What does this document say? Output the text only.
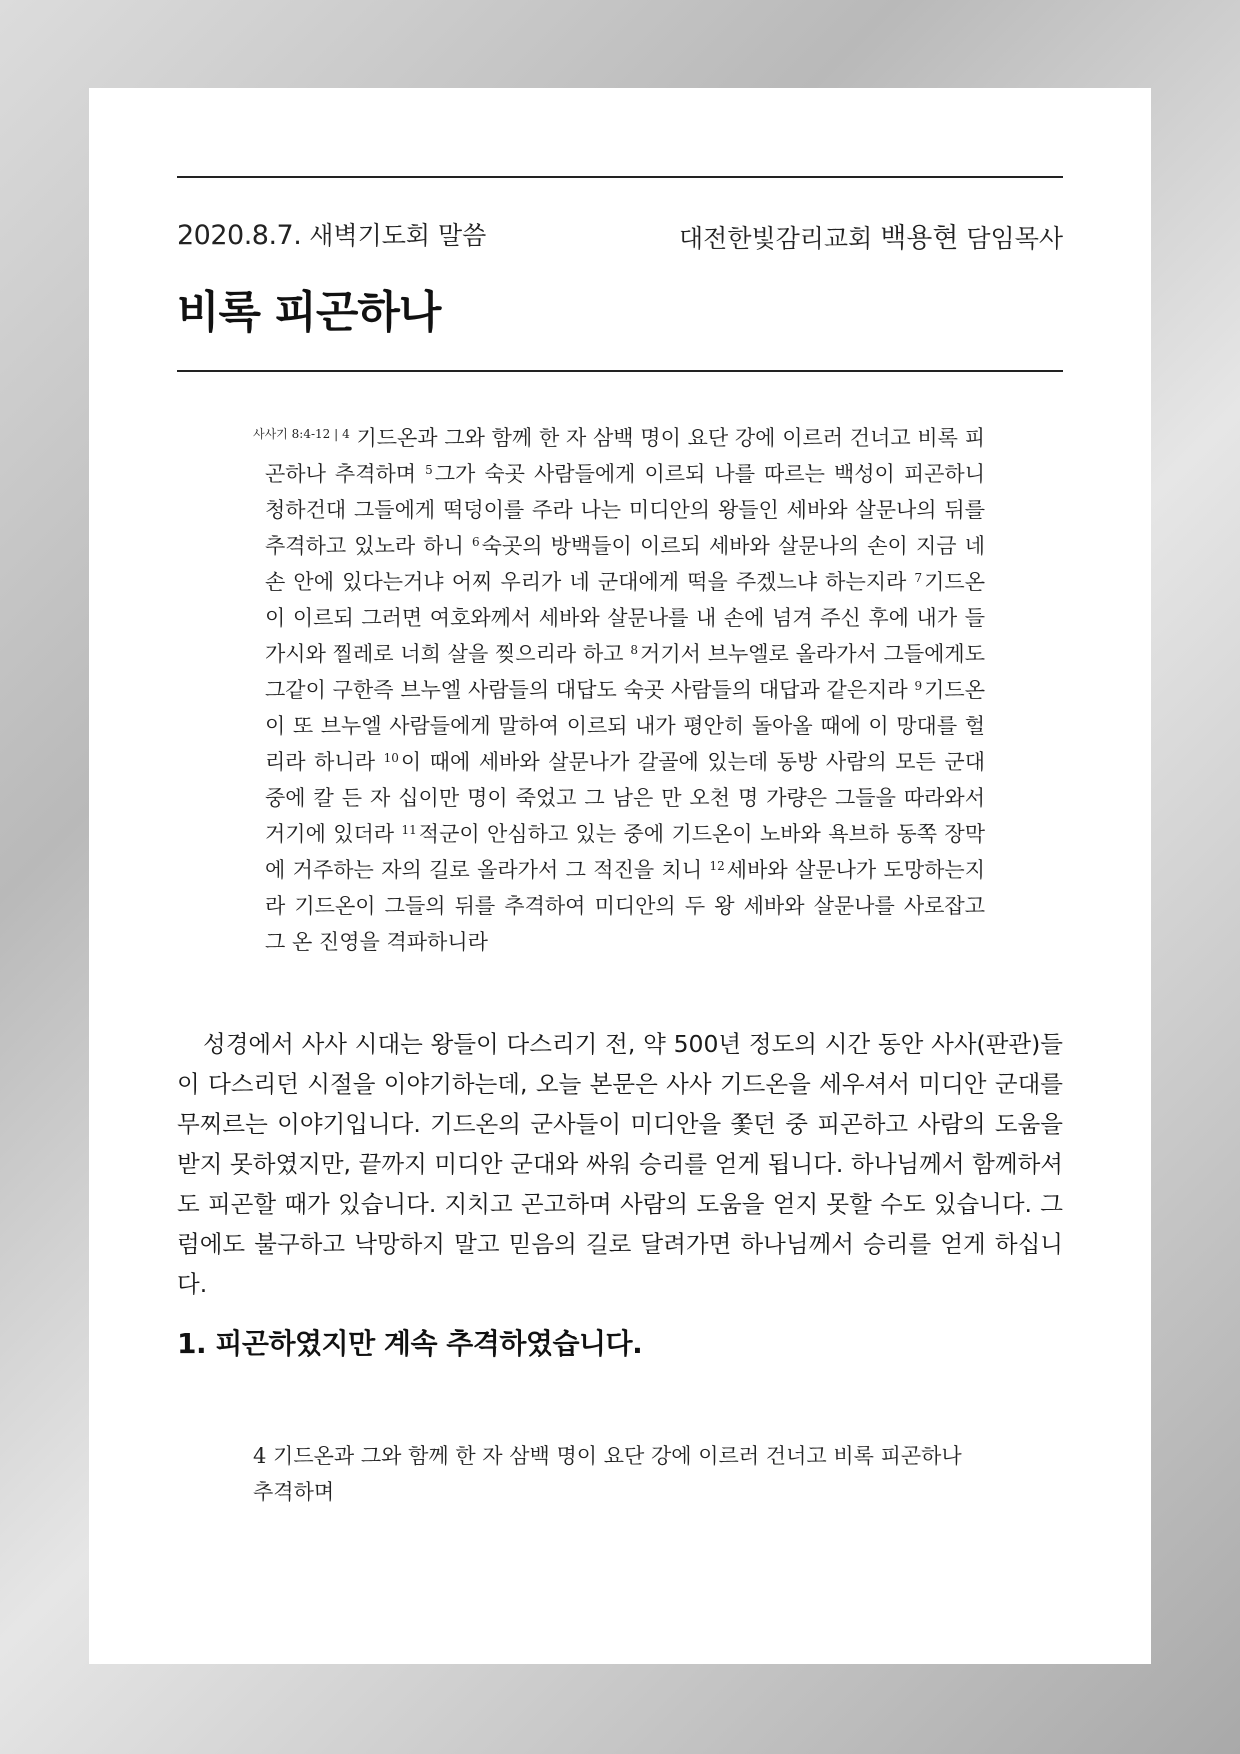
2020.8.7. 새벽기도회 말씀	대전한빛감리교회 백용현 담임목사
비록 피곤하나
$^{사사기 8:4-12 | 4}$ 기드온과 그와 함께 한 자 삼백 명이 요단 강에 이르러 건너고 비록 피곤하나 추격하며 $^5$그가 숙곳 사람들에게 이르되 나를 따르는 백성이 피곤하니 청하건대 그들에게 떡덩이를 주라 나는 미디안의 왕들인 세바와 살문나의 뒤를 추격하고 있노라 하니 $^6$숙곳의 방백들이 이르되 세바와 살문나의 손이 지금 네 손 안에 있다는거냐 어찌 우리가 네 군대에게 떡을 주겠느냐 하는지라 $^7$기드온이 이르되 그러면 여호와께서 세바와 살문나를 내 손에 넘겨 주신 후에 내가 들가시와 찔레로 너희 살을 찢으리라 하고 $^8$거기서 브누엘로 올라가서 그들에게도 그같이 구한즉 브누엘 사람들의 대답도 숙곳 사람들의 대답과 같은지라 $^9$기드온이 또 브누엘 사람들에게 말하여 이르되 내가 평안히 돌아올 때에 이 망대를 헐리라 하니라 $^{10}$이 때에 세바와 살문나가 갈골에 있는데 동방 사람의 모든 군대 중에 칼 든 자 십이만 명이 죽었고 그 남은 만 오천 명 가량은 그들을 따라와서 거기에 있더라 $^{11}$적군이 안심하고 있는 중에 기드온이 노바와 욕브하 동쪽 장막에 거주하는 자의 길로 올라가서 그 적진을 치니 $^{12}$세바와 살문나가 도망하는지라 기드온이 그들의 뒤를 추격하여 미디안의 두 왕 세바와 살문나를 사로잡고 그 온 진영을 격파하니라

성경에서 사사 시대는 왕들이 다스리기 전, 약 500년 정도의 시간 동안 사사(판관)들이 다스리던 시절을 이야기하는데, 오늘 본문은 사사 기드온을 세우셔서 미디안 군대를 무찌르는 이야기입니다. 기드온의 군사들이 미디안을 쫓던 중 피곤하고 사람의 도움을 받지 못하였지만, 끝까지 미디안 군대와 싸워 승리를 얻게 됩니다. 하나님께서 함께하셔도 피곤할 때가 있습니다. 지치고 곤고하며 사람의 도움을 얻지 못할 수도 있습니다. 그럼에도 불구하고 낙망하지 말고 믿음의 길로 달려가면 하나님께서 승리를 얻게 하십니다.

1. 피곤하였지만 계속 추격하였습니다.

4 기드온과 그와 함께 한 자 삼백 명이 요단 강에 이르러 건너고 비록 피곤하나 추격하며
